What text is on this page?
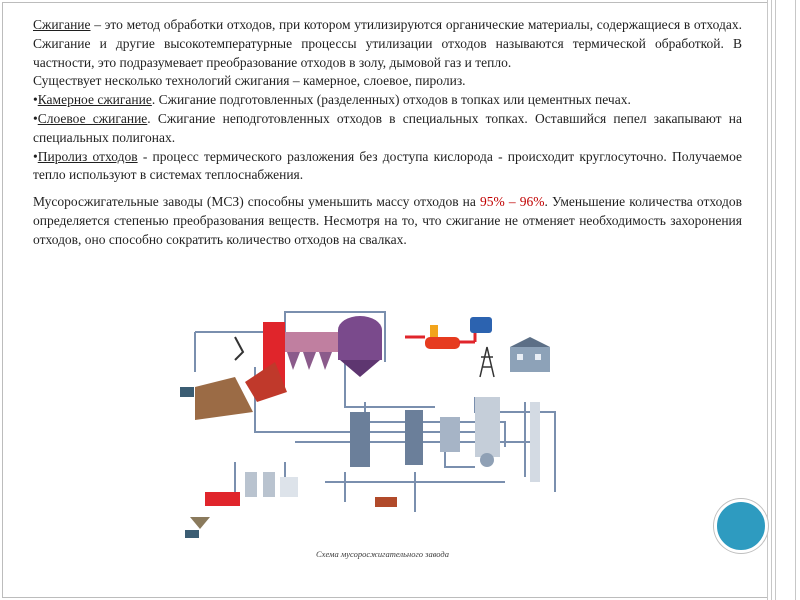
Сжигание – это метод обработки отходов, при котором утилизируются органические материалы, содержащиеся в отходах. Сжигание и другие высокотемпературные процессы утилизации отходов называются термической обработкой. В частности, это подразумевает преобразование отходов в золу, дымовой газ и тепло.

Существует несколько технологий сжигания – камерное, слоевое, пиролиз.

•Камерное сжигание. Сжигание подготовленных (разделенных) отходов в топках или цементных печах.

•Слоевое сжигание. Сжигание неподготовленных отходов в специальных топках. Оставшийся пепел закапывают на специальных полигонах.

•Пиролиз отходов - процесс термического разложения без доступа кислорода - происходит круглосуточно. Получаемое тепло используют в системах теплоснабжения.

Мусоросжигательные заводы (МСЗ) способны уменьшить массу отходов на 95% – 96%. Уменьшение количества отходов определяется степенью преобразования веществ. Несмотря на то, что сжигание не отменяет необходимость захоронения отходов, оно способно сократить количество отходов на свалках.

Схема мусоросжигательного завода
